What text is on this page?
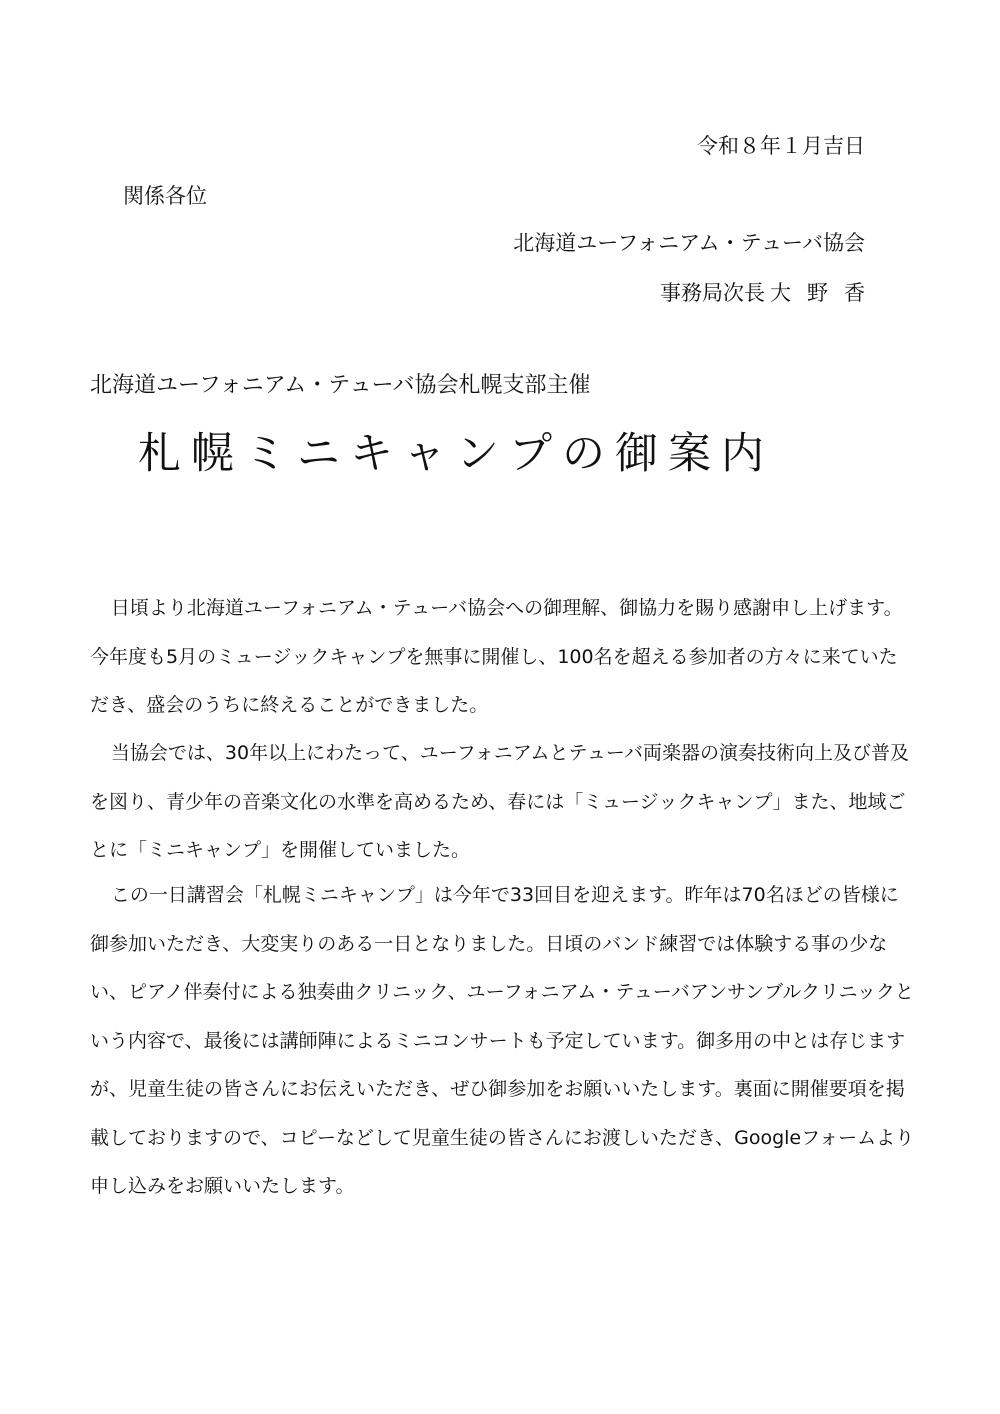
令和８年１月吉日
関係各位
北海道ユーフォニアム・テューバ協会
事務局次長 大 野 香
北海道ユーフォニアム・テューバ協会札幌支部主催
札幌ミニキャンプの御案内

日頃より北海道ユーフォニアム・テューバ協会への御理解、御協力を賜り感謝申し上げます。今年度も5月のミュージックキャンプを無事に開催し、100名を超える参加者の方々に来ていただき、盛会のうちに終えることができました。

当協会では、30年以上にわたって、ユーフォニアムとテューバ両楽器の演奏技術向上及び普及を図り、青少年の音楽文化の水準を高めるため、春には「ミュージックキャンプ」また、地域ごとに「ミニキャンプ」を開催していました。

この一日講習会「札幌ミニキャンプ」は今年で33回目を迎えます。昨年は70名ほどの皆様に御参加いただき、大変実りのある一日となりました。日頃のバンド練習では体験する事の少ない、ピアノ伴奏付による独奏曲クリニック、ユーフォニアム・テューバアンサンブルクリニックという内容で、最後には講師陣によるミニコンサートも予定しています。御多用の中とは存じますが、児童生徒の皆さんにお伝えいただき、ぜひ御参加をお願いいたします。裏面に開催要項を掲載しておりますので、コピーなどして児童生徒の皆さんにお渡しいただき、Googleフォームより申し込みをお願いいたします。
